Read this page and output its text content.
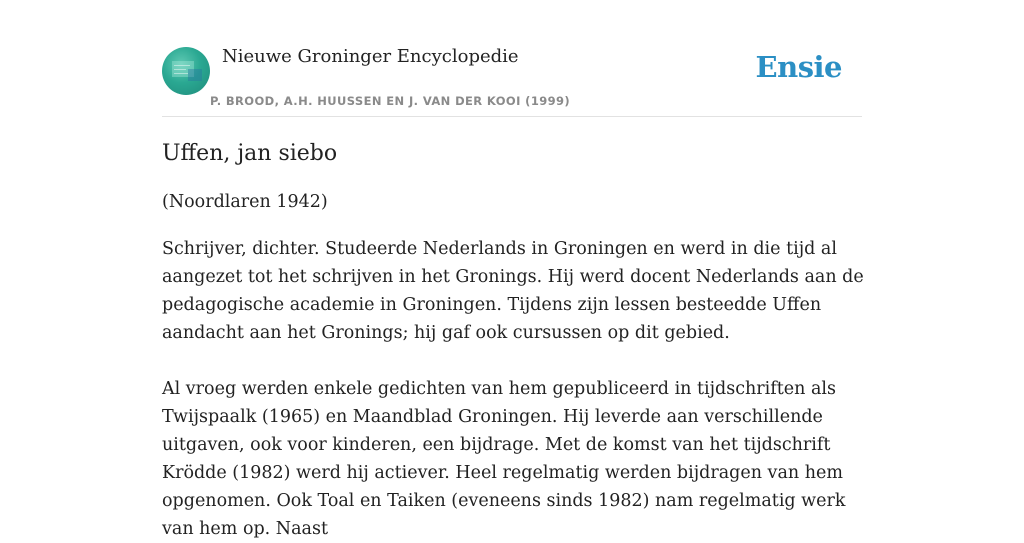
Nieuwe Groninger Encyclopedie
P. BROOD, A.H. HUUSSEN EN J. VAN DER KOOI (1999)
Ensie
Uffen, jan siebo

(Noordlaren 1942)

Schrijver, dichter. Studeerde Nederlands in Groningen en werd in die tijd al aangezet tot het schrijven in het Gronings. Hij werd docent Nederlands aan de pedagogische academie in Groningen. Tijdens zijn lessen besteedde Uffen aandacht aan het Gronings; hij gaf ook cursussen op dit gebied.

Al vroeg werden enkele gedichten van hem gepubliceerd in tijdschriften als Twijspaalk (1965) en Maandblad Groningen. Hij leverde aan verschillende uitgaven, ook voor kinderen, een bijdrage. Met de komst van het tijdschrift Krödde (1982) werd hij actiever. Heel regelmatig werden bijdragen van hem opgenomen. Ook Toal en Taiken (eveneens sinds 1982) nam regelmatig werk van hem op. Naast
